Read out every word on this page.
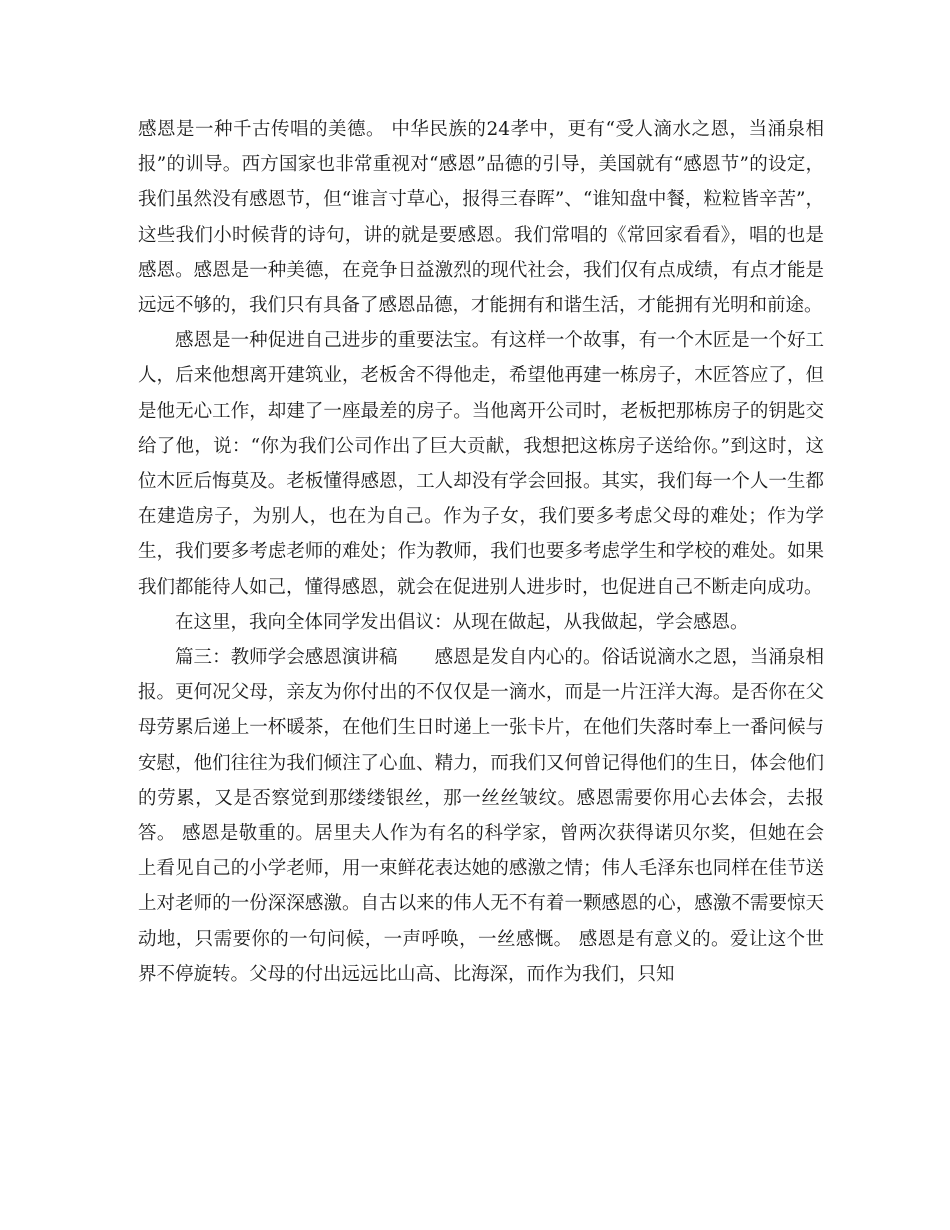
感恩是一种千古传唱的美德。 中华民族的24孝中，更有“受人滴水之恩，当涌泉相报”的训导。西方国家也非常重视对“感恩”品德的引导，美国就有“感恩节”的设定，我们虽然没有感恩节，但“谁言寸草心，报得三春晖”、“谁知盘中餐，粒粒皆辛苦”，这些我们小时候背的诗句，讲的就是要感恩。我们常唱的《常回家看看》，唱的也是感恩。感恩是一种美德，在竞争日益激烈的现代社会，我们仅有点成绩，有点才能是远远不够的，我们只有具备了感恩品德，才能拥有和谐生活，才能拥有光明和前途。

感恩是一种促进自己进步的重要法宝。有这样一个故事，有一个木匠是一个好工人，后来他想离开建筑业，老板舍不得他走，希望他再建一栋房子，木匠答应了，但是他无心工作，却建了一座最差的房子。当他离开公司时，老板把那栋房子的钥匙交给了他，说：“你为我们公司作出了巨大贡献，我想把这栋房子送给你。”到这时，这位木匠后悔莫及。老板懂得感恩，工人却没有学会回报。其实，我们每一个人一生都在建造房子，为别人，也在为自己。作为子女，我们要多考虑父母的难处；作为学生，我们要多考虑老师的难处；作为教师，我们也要多考虑学生和学校的难处。如果我们都能待人如己，懂得感恩，就会在促进别人进步时，也促进自己不断走向成功。

在这里，我向全体同学发出倡议：从现在做起，从我做起，学会感恩。

篇三：教师学会感恩演讲稿　　感恩是发自内心的。俗话说滴水之恩，当涌泉相报。更何况父母，亲友为你付出的不仅仅是一滴水，而是一片汪洋大海。是否你在父母劳累后递上一杯暖茶，在他们生日时递上一张卡片，在他们失落时奉上一番问候与安慰，他们往往为我们倾注了心血、精力，而我们又何曾记得他们的生日，体会他们的劳累，又是否察觉到那缕缕银丝，那一丝丝皱纹。感恩需要你用心去体会，去报答。 感恩是敬重的。居里夫人作为有名的科学家，曾两次获得诺贝尔奖，但她在会上看见自己的小学老师，用一束鲜花表达她的感激之情；伟人毛泽东也同样在佳节送上对老师的一份深深感激。自古以来的伟人无不有着一颗感恩的心，感激不需要惊天动地，只需要你的一句问候，一声呼唤，一丝感慨。 感恩是有意义的。爱让这个世界不停旋转。父母的付出远远比山高、比海深，而作为我们，只知
